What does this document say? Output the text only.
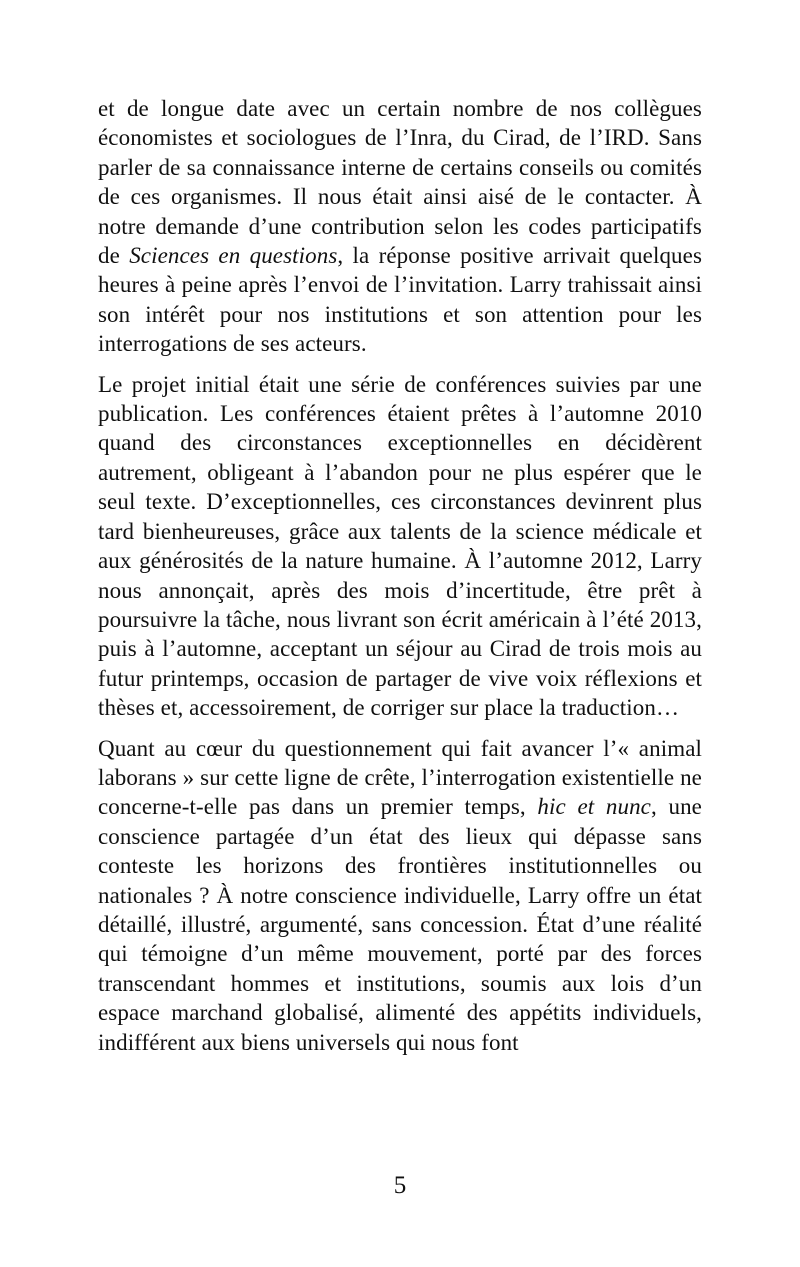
et de longue date avec un certain nombre de nos collègues économistes et sociologues de l’Inra, du Cirad, de l’IRD. Sans parler de sa connaissance interne de certains conseils ou comités de ces organismes. Il nous était ainsi aisé de le contacter. À notre demande d’une contribution selon les codes participatifs de Sciences en questions, la réponse positive arrivait quelques heures à peine après l’envoi de l’invitation. Larry trahissait ainsi son intérêt pour nos institutions et son attention pour les interrogations de ses acteurs.

Le projet initial était une série de conférences suivies par une publication. Les conférences étaient prêtes à l’automne 2010 quand des circonstances exceptionnelles en décidèrent autrement, obligeant à l’abandon pour ne plus espérer que le seul texte. D’exceptionnelles, ces circonstances devinrent plus tard bienheureuses, grâce aux talents de la science médicale et aux générosités de la nature humaine. À l’automne 2012, Larry nous annonçait, après des mois d’incertitude, être prêt à poursuivre la tâche, nous livrant son écrit américain à l’été 2013, puis à l’automne, acceptant un séjour au Cirad de trois mois au futur printemps, occasion de partager de vive voix réflexions et thèses et, accessoirement, de corriger sur place la traduction…

Quant au cœur du questionnement qui fait avancer l’« animal laborans » sur cette ligne de crête, l’interrogation existentielle ne concerne-t-elle pas dans un premier temps, hic et nunc, une conscience partagée d’un état des lieux qui dépasse sans conteste les horizons des frontières institutionnelles ou nationales ? À notre conscience individuelle, Larry offre un état détaillé, illustré, argumenté, sans concession. État d’une réalité qui témoigne d’un même mouvement, porté par des forces transcendant hommes et institutions, soumis aux lois d’un espace marchand globalisé, alimenté des appétits individuels, indifférent aux biens universels qui nous font

5
